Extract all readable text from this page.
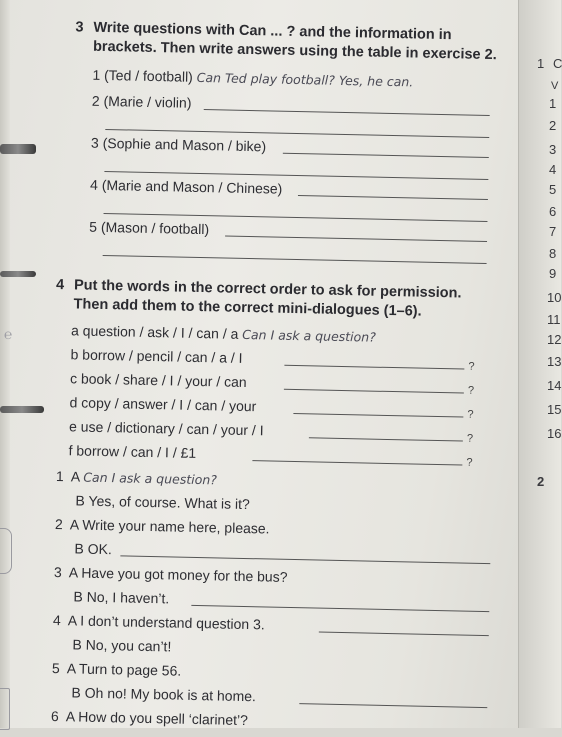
℮
1 C
V
2
1
2
3
4
5
6
7
8
9
10
11
12
13
14
15
16
3 Write questions with Can ... ? and the information in
brackets. Then write answers using the table in exercise 2.
1 (Ted / football) Can Ted play football? Yes, he can.
2 (Marie / violin)
3 (Sophie and Mason / bike)
4 (Marie and Mason / Chinese)
5 (Mason / football)
4 Put the words in the correct order to ask for permission.
Then add them to the correct mini-dialogues (1–6).
a question / ask / I / can / a Can I ask a question?
b borrow / pencil / can / a / I
?
c book / share / I / your / can
?
d copy / answer / I / can / your
?
e use / dictionary / can / your / I
?
f borrow / can / I / £1
?
1 A Can I ask a question?
B Yes, of course. What is it?
2 A Write your name here, please.
B OK.
3 A Have you got money for the bus?
B No, I haven’t.
4 A I don’t understand question 3.
B No, you can’t!
5 A Turn to page 56.
B Oh no! My book is at home.
6 A How do you spell ‘clarinet’?
